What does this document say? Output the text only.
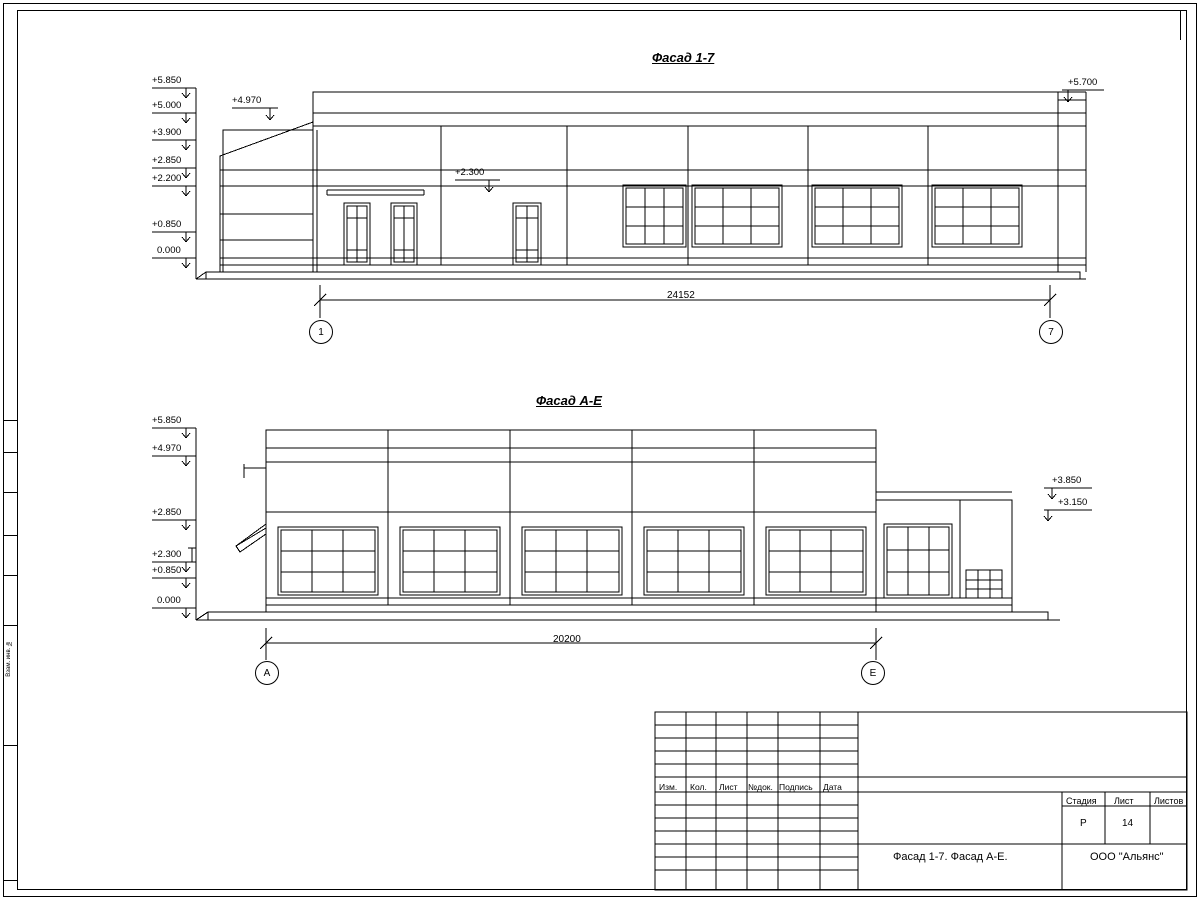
Взам. инв. №
Фасад 1-7
+5.850
+5.000
+3.900
+2.850
+2.200
+0.850
0.000
+4.970
+2.300
+5.700
24152
1	7
Фасад А-Е
+5.850
+4.970
+2.850
+2.300
+0.850
0.000
+3.850
+3.150
20200
А	Е
Изм. Кол. Лист №док. Подпись Дата
Стадия Лист Листов
Р	14
Фасад 1-7. Фасад А-Е.	ООО "Альянс"
